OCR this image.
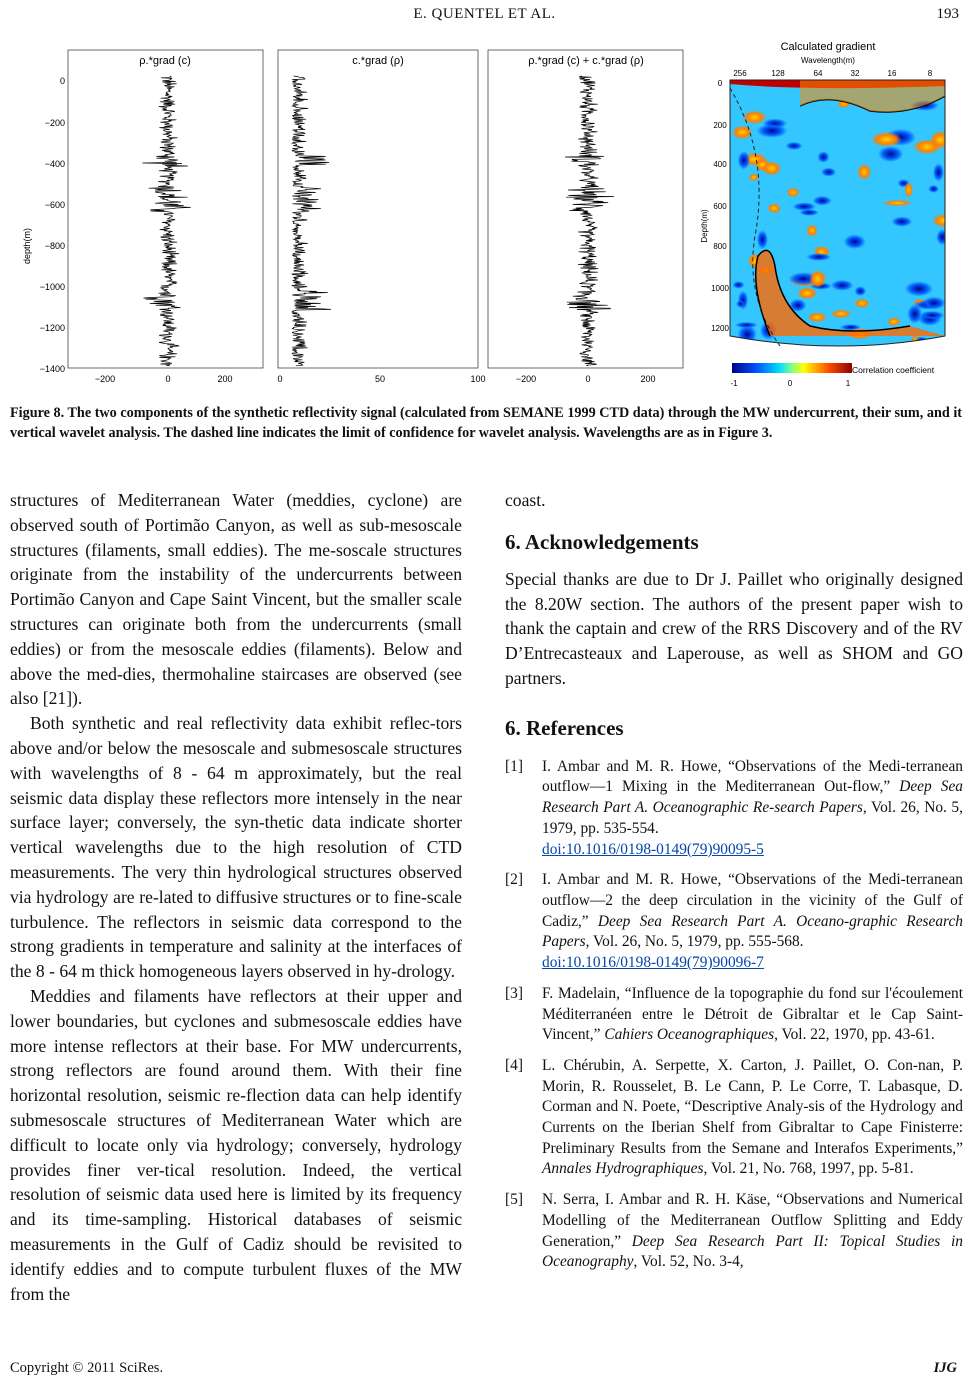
E. QUENTEL ET AL.	193
ρ.*grad (c)	c.*grad (ρ)	ρ.*grad (c) + c.*grad (ρ)
0
−200
−400
−600
−800
−1000
−1200
−1400
depth(m)
−200	0	200	0	50	100	−200	0	200
Calculated gradient
Wavelength(m)
256	128	64	32	16	8
Depth(m)
0
200
400
600
800
1000
1200
-1	0	1
Correlation coefficient
Figure 8. The two components of the synthetic reflectivity signal (calculated from SEMANE 1999 CTD data) through the MW undercurrent, their sum, and it vertical wavelet analysis. The dashed line indicates the limit of confidence for wavelet analysis. Wavelengths are as in Figure 3.

structures of Mediterranean Water (meddies, cyclone) are observed south of Portimão Canyon, as well as sub-mesoscale structures (filaments, small eddies). The me-soscale structures originate from the instability of the undercurrents between Portimão Canyon and Cape Saint Vincent, but the smaller scale structures can originate both from the undercurrents (small eddies) or from the mesoscale eddies (filaments). Below and above the med-dies, thermohaline staircases are observed (see also [21]).

Both synthetic and real reflectivity data exhibit reflec-tors above and/or below the mesoscale and submesoscale structures with wavelengths of 8 - 64 m approximately, but the real seismic data display these reflectors more intensely in the near surface layer; conversely, the syn-thetic data indicate shorter vertical wavelengths due to the high resolution of CTD measurements. The very thin hydrological structures observed via hydrology are re-lated to diffusive structures or to fine-scale turbulence. The reflectors in seismic data correspond to the strong gradients in temperature and salinity at the interfaces of the 8 - 64 m thick homogeneous layers observed in hy-drology.

Meddies and filaments have reflectors at their upper and lower boundaries, but cyclones and submesoscale eddies have more intense reflectors at their base. For MW undercurrents, strong reflectors are found around them. With their fine horizontal resolution, seismic re-flection data can help identify submesoscale structures of Mediterranean Water which are difficult to locate only via hydrology; conversely, hydrology provides finer ver-tical resolution. Indeed, the vertical resolution of seismic data used here is limited by its frequency and its time-sampling. Historical databases of seismic measurements in the Gulf of Cadiz should be revisited to identify eddies and to compute turbulent fluxes of the MW from the

coast.

6. Acknowledgements

Special thanks are due to Dr J. Paillet who originally designed the 8.20W section. The authors of the present paper wish to thank the captain and crew of the RRS Discovery and of the RV D’Entrecasteaux and Laperouse, as well as SHOM and GO partners.

6. References
[1]	I. Ambar and M. R. Howe, “Observations of the Medi-terranean outflow—1 Mixing in the Mediterranean Out-flow,” Deep Sea Research Part A. Oceanographic Re-search Papers, Vol. 26, No. 5, 1979, pp. 535-554.
doi:10.1016/0198-0149(79)90095-5
[2]	I. Ambar and M. R. Howe, “Observations of the Medi-terranean outflow—2 the deep circulation in the vicinity of the Gulf of Cadiz,” Deep Sea Research Part A. Oceano-graphic Research Papers, Vol. 26, No. 5, 1979, pp. 555-568.
doi:10.1016/0198-0149(79)90096-7
[3]	F. Madelain, “Influence de la topographie du fond sur l'écoulement Méditerranéen entre le Détroit de Gibraltar et le Cap Saint-Vincent,” Cahiers Oceanographiques, Vol. 22, 1970, pp. 43-61.
[4]	L. Chérubin, A. Serpette, X. Carton, J. Paillet, O. Con-nan, P. Morin, R. Rousselet, B. Le Cann, P. Le Corre, T. Labasque, D. Corman and N. Poete, “Descriptive Analy-sis of the Hydrology and Currents on the Iberian Shelf from Gibraltar to Cape Finisterre: Preliminary Results from the Semane and Interafos Experiments,” Annales Hydrographiques, Vol. 21, No. 768, 1997, pp. 5-81.
[5]	N. Serra, I. Ambar and R. H. Käse, “Observations and Numerical Modelling of the Mediterranean Outflow Splitting and Eddy Generation,” Deep Sea Research Part II: Topical Studies in Oceanography, Vol. 52, No. 3-4,
Copyright © 2011 SciRes.	IJG
